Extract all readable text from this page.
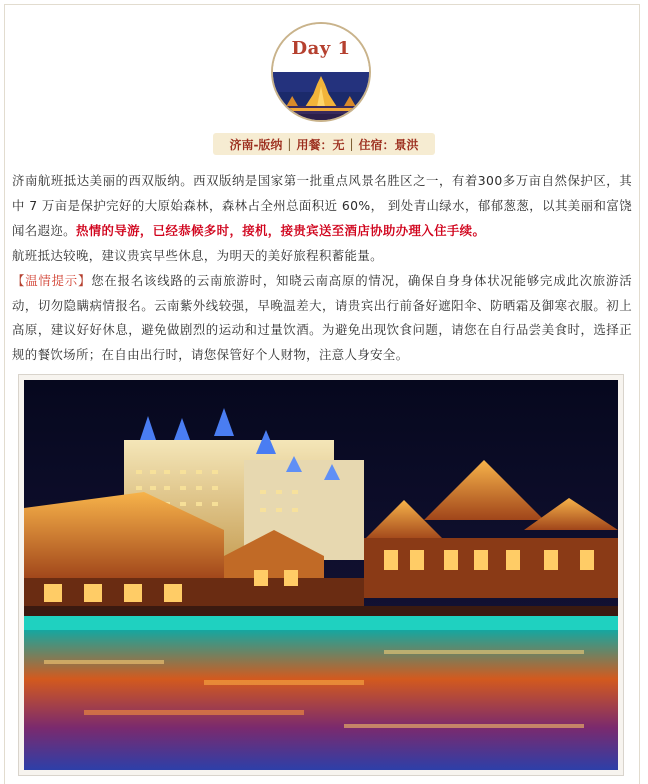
Day 1
济南-版纳 | 用餐：无 | 住宿：景洪

济南航班抵达美丽的西双版纳。西双版纳是国家第一批重点风景名胜区之一，有着300多万亩自然保护区，其中 7 万亩是保护完好的大原始森林，森林占全州总面积近 60%， 到处青山绿水，郁郁葱葱，以其美丽和富饶闻名遐迩。热情的导游，已经恭候多时，接机，接贵宾送至酒店协助办理入住手续。

航班抵达较晚，建议贵宾早些休息，为明天的美好旅程积蓄能量。

【温情提示】您在报名该线路的云南旅游时，知晓云南高原的情况，确保自身身体状况能够完成此次旅游活动，切勿隐瞒病情报名。云南紫外线较强，早晚温差大，请贵宾出行前备好遮阳伞、防晒霜及御寒衣服。初上高原，建议好好休息，避免做剧烈的运动和过量饮酒。为避免出现饮食问题，请您在自行品尝美食时，选择正规的餐饮场所；在自由出行时，请您保管好个人财物，注意人身安全。
